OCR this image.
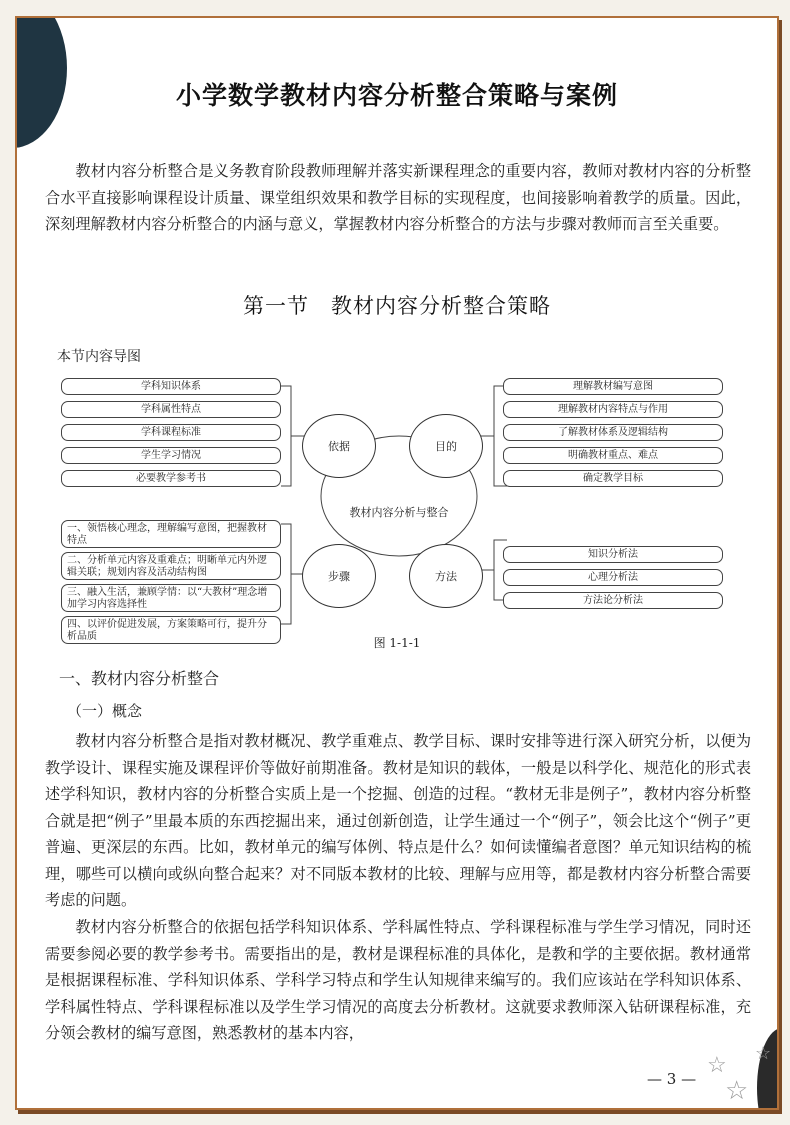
小学数学教材内容分析整合策略与案例
教材内容分析整合是义务教育阶段教师理解并落实新课程理念的重要内容，教师对教材内容的分析整合水平直接影响课程设计质量、课堂组织效果和教学目标的实现程度，也间接影响着教学的质量。因此，深刻理解教材内容分析整合的内涵与意义，掌握教材内容分析整合的方法与步骤对教师而言至关重要。
第一节　教材内容分析整合策略
本节内容导图
学科知识体系
学科属性特点
学科课程标准
学生学习情况
必要教学参考书
理解教材编写意图
理解教材内容特点与作用
了解教材体系及逻辑结构
明确教材重点、难点
确定教学目标
一、领悟核心理念，理解编写意图，把握教材特点
二、分析单元内容及重难点；明晰单元内外逻辑关联；规划内容及活动结构图
三、融入生活，兼顾学情：以“大教材”理念增加学习内容选择性
四、以评价促进发展，方案策略可行，提升分析品质
知识分析法
心理分析法
方法论分析法
依据	目的
步骤	方法
教材内容分析与整合
图 1-1-1
一、教材内容分析整合
（一）概念
教材内容分析整合是指对教材概况、教学重难点、教学目标、课时安排等进行深入研究分析，以便为教学设计、课程实施及课程评价等做好前期准备。教材是知识的载体，一般是以科学化、规范化的形式表述学科知识，教材内容的分析整合实质上是一个挖掘、创造的过程。“教材无非是例子”，教材内容分析整合就是把“例子”里最本质的东西挖掘出来，通过创新创造，让学生通过一个“例子”，领会比这个“例子”更普遍、更深层的东西。比如，教材单元的编写体例、特点是什么？如何读懂编者意图？单元知识结构的梳理，哪些可以横向或纵向整合起来？对不同版本教材的比较、理解与应用等，都是教材内容分析整合需要考虑的问题。
教材内容分析整合的依据包括学科知识体系、学科属性特点、学科课程标准与学生学习情况，同时还需要参阅必要的教学参考书。需要指出的是，教材是课程标准的具体化，是教和学的主要依据。教材通常是根据课程标准、学科知识体系、学科学习特点和学生认知规律来编写的。我们应该站在学科知识体系、学科属性特点、学科课程标准以及学生学习情况的高度去分析教材。这就要求教师深入钻研课程标准，充分领会教材的编写意图，熟悉教材的基本内容，
— 3 —
☆
☆
☆
